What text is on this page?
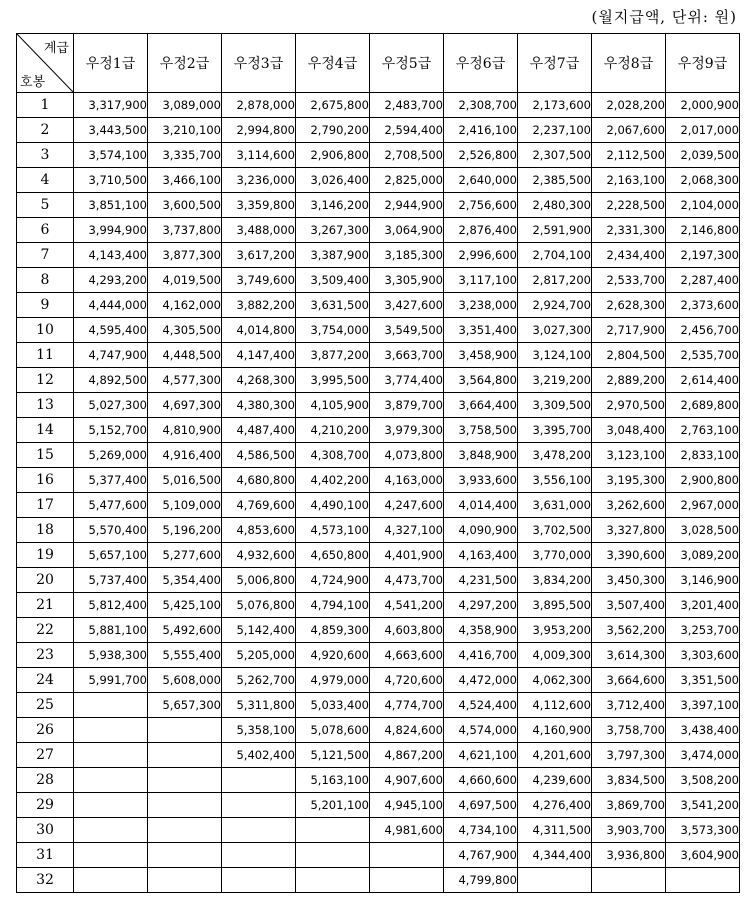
(월지급액, 단위: 원)
계급
호봉	우정1급	우정2급	우정3급	우정4급	우정5급	우정6급	우정7급	우정8급	우정9급
1	3,317,900	3,089,000	2,878,000	2,675,800	2,483,700	2,308,700	2,173,600	2,028,200	2,000,900
2	3,443,500	3,210,100	2,994,800	2,790,200	2,594,400	2,416,100	2,237,100	2,067,600	2,017,000
3	3,574,100	3,335,700	3,114,600	2,906,800	2,708,500	2,526,800	2,307,500	2,112,500	2,039,500
4	3,710,500	3,466,100	3,236,000	3,026,400	2,825,000	2,640,000	2,385,500	2,163,100	2,068,300
5	3,851,100	3,600,500	3,359,800	3,146,200	2,944,900	2,756,600	2,480,300	2,228,500	2,104,000
6	3,994,900	3,737,800	3,488,000	3,267,300	3,064,900	2,876,400	2,591,900	2,331,300	2,146,800
7	4,143,400	3,877,300	3,617,200	3,387,900	3,185,300	2,996,600	2,704,100	2,434,400	2,197,300
8	4,293,200	4,019,500	3,749,600	3,509,400	3,305,900	3,117,100	2,817,200	2,533,700	2,287,400
9	4,444,000	4,162,000	3,882,200	3,631,500	3,427,600	3,238,000	2,924,700	2,628,300	2,373,600
10	4,595,400	4,305,500	4,014,800	3,754,000	3,549,500	3,351,400	3,027,300	2,717,900	2,456,700
11	4,747,900	4,448,500	4,147,400	3,877,200	3,663,700	3,458,900	3,124,100	2,804,500	2,535,700
12	4,892,500	4,577,300	4,268,300	3,995,500	3,774,400	3,564,800	3,219,200	2,889,200	2,614,400
13	5,027,300	4,697,300	4,380,300	4,105,900	3,879,700	3,664,400	3,309,500	2,970,500	2,689,800
14	5,152,700	4,810,900	4,487,400	4,210,200	3,979,300	3,758,500	3,395,700	3,048,400	2,763,100
15	5,269,000	4,916,400	4,586,500	4,308,700	4,073,800	3,848,900	3,478,200	3,123,100	2,833,100
16	5,377,400	5,016,500	4,680,800	4,402,200	4,163,000	3,933,600	3,556,100	3,195,300	2,900,800
17	5,477,600	5,109,000	4,769,600	4,490,100	4,247,600	4,014,400	3,631,000	3,262,600	2,967,000
18	5,570,400	5,196,200	4,853,600	4,573,100	4,327,100	4,090,900	3,702,500	3,327,800	3,028,500
19	5,657,100	5,277,600	4,932,600	4,650,800	4,401,900	4,163,400	3,770,000	3,390,600	3,089,200
20	5,737,400	5,354,400	5,006,800	4,724,900	4,473,700	4,231,500	3,834,200	3,450,300	3,146,900
21	5,812,400	5,425,100	5,076,800	4,794,100	4,541,200	4,297,200	3,895,500	3,507,400	3,201,400
22	5,881,100	5,492,600	5,142,400	4,859,300	4,603,800	4,358,900	3,953,200	3,562,200	3,253,700
23	5,938,300	5,555,400	5,205,000	4,920,600	4,663,600	4,416,700	4,009,300	3,614,300	3,303,600
24	5,991,700	5,608,000	5,262,700	4,979,000	4,720,600	4,472,000	4,062,300	3,664,600	3,351,500
25		5,657,300	5,311,800	5,033,400	4,774,700	4,524,400	4,112,600	3,712,400	3,397,100
26			5,358,100	5,078,600	4,824,600	4,574,000	4,160,900	3,758,700	3,438,400
27			5,402,400	5,121,500	4,867,200	4,621,100	4,201,600	3,797,300	3,474,000
28				5,163,100	4,907,600	4,660,600	4,239,600	3,834,500	3,508,200
29				5,201,100	4,945,100	4,697,500	4,276,400	3,869,700	3,541,200
30					4,981,600	4,734,100	4,311,500	3,903,700	3,573,300
31						4,767,900	4,344,400	3,936,800	3,604,900
32						4,799,800			
